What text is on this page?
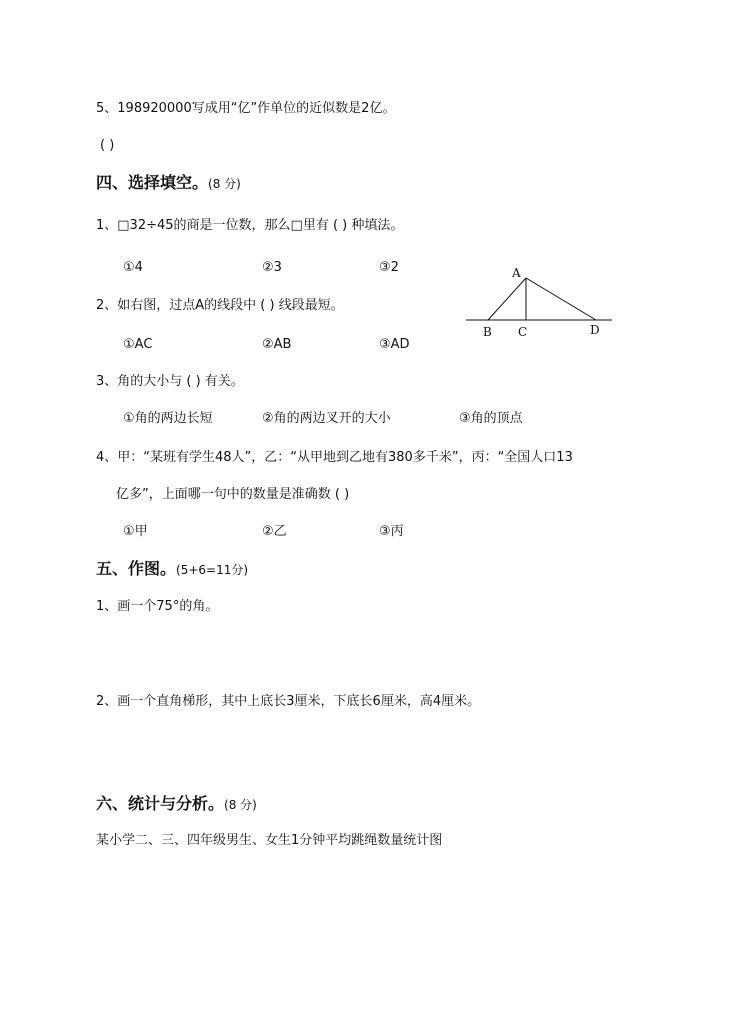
5、198920000写成用“亿”作单位的近似数是2亿。
( )
四、选择填空。(8 分)
1、□32÷45的商是一位数，那么□里有 ( ) 种填法。
①4	②3	③2
2、如右图，过点A的线段中 ( ) 线段最短。
①AC	②AB	③AD
A
B C	D
3、角的大小与 ( ) 有关。
①角的两边长短	②角的两边叉开的大小	③角的顶点
4、甲：“某班有学生48人”，乙：“从甲地到乙地有380多千米”，丙：“全国人口13
亿多”，上面哪一句中的数量是准确数 ( )
①甲	②乙	③丙
五、作图。(5+6=11分)
1、画一个75°的角。
2、画一个直角梯形，其中上底长3厘米，下底长6厘米，高4厘米。
六、统计与分析。(8 分)
某小学二、三、四年级男生、女生1分钟平均跳绳数量统计图
